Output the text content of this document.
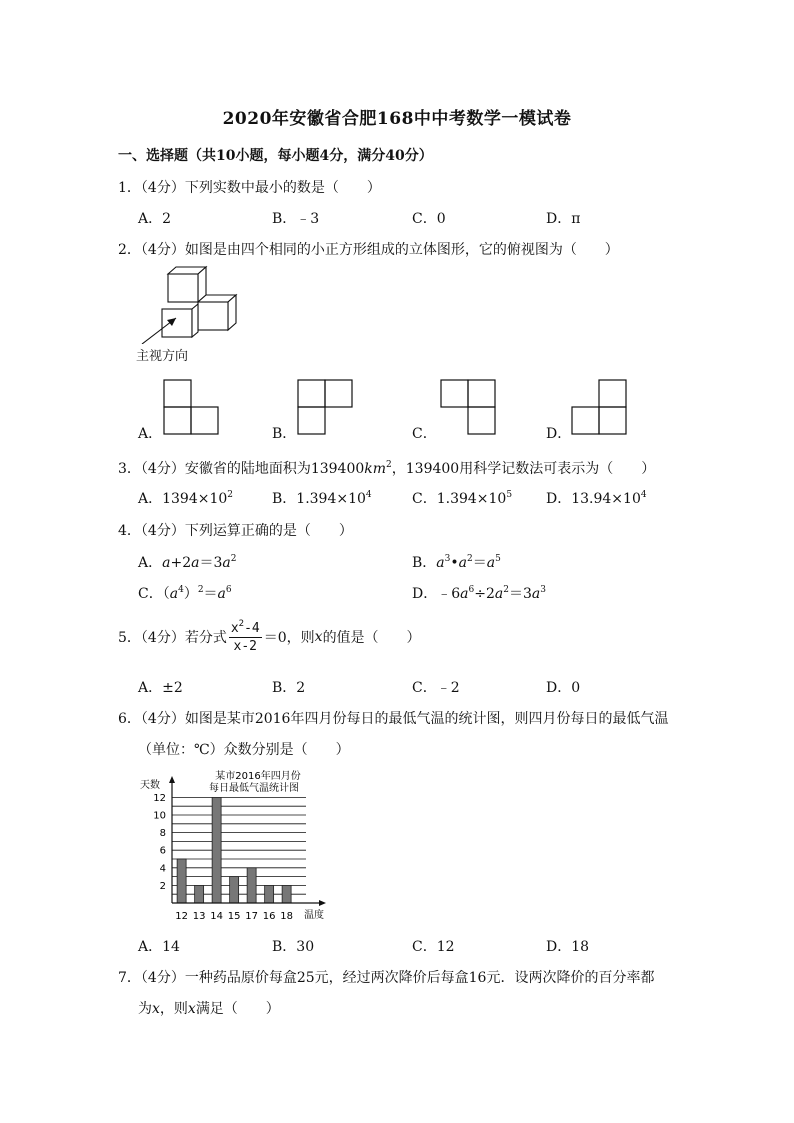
2020年安徽省合肥168中中考数学一模试卷
一、选择题（共10小题，每小题4分，满分40分）
1．（4分）下列实数中最小的数是（　　）
A．2	B．﹣3	C．0	D．π
2．（4分）如图是由四个相同的小正方形组成的立体图形，它的俯视图为（　　）
主视方向
A．	B．	C．	D．
3．（4分）安徽省的陆地面积为$139400km^2$，139400用科学记数法可表示为（　　）
A．$1394\times 10^2$	B．$1.394\times 10^4$	C．$1.394\times 10^5$ D．$13.94\times 10^4$
4．（4分）下列运算正确的是（　　）
A．$a+2a=3a^2$	B．$a^3•a^2=a^5$
C．$(a^4)^2=a^6$	D．$﹣6a^6\div 2a^2=3a^3$
5．（4分）若分式 $\frac{x^2-4}{x-2} =0$，则 x 的值是（　　）
A．±2	B．2	C．﹣2	D．0
6．（4分）如图是某市2016年四月份每日的最低气温的统计图，则四月份每日的最低气温
（单位：℃）众数分别是（　　）
天数
温度
某市2016年四月份
每日最低气温统计图
2
4
6
8
10
12
12 13 14 15 17 16 18
A．14	B．30	C．12	D．18
7．（4分）一种药品原价每盒25元，经过两次降价后每盒16元．设两次降价的百分率都
为x，则x满足（　　）
